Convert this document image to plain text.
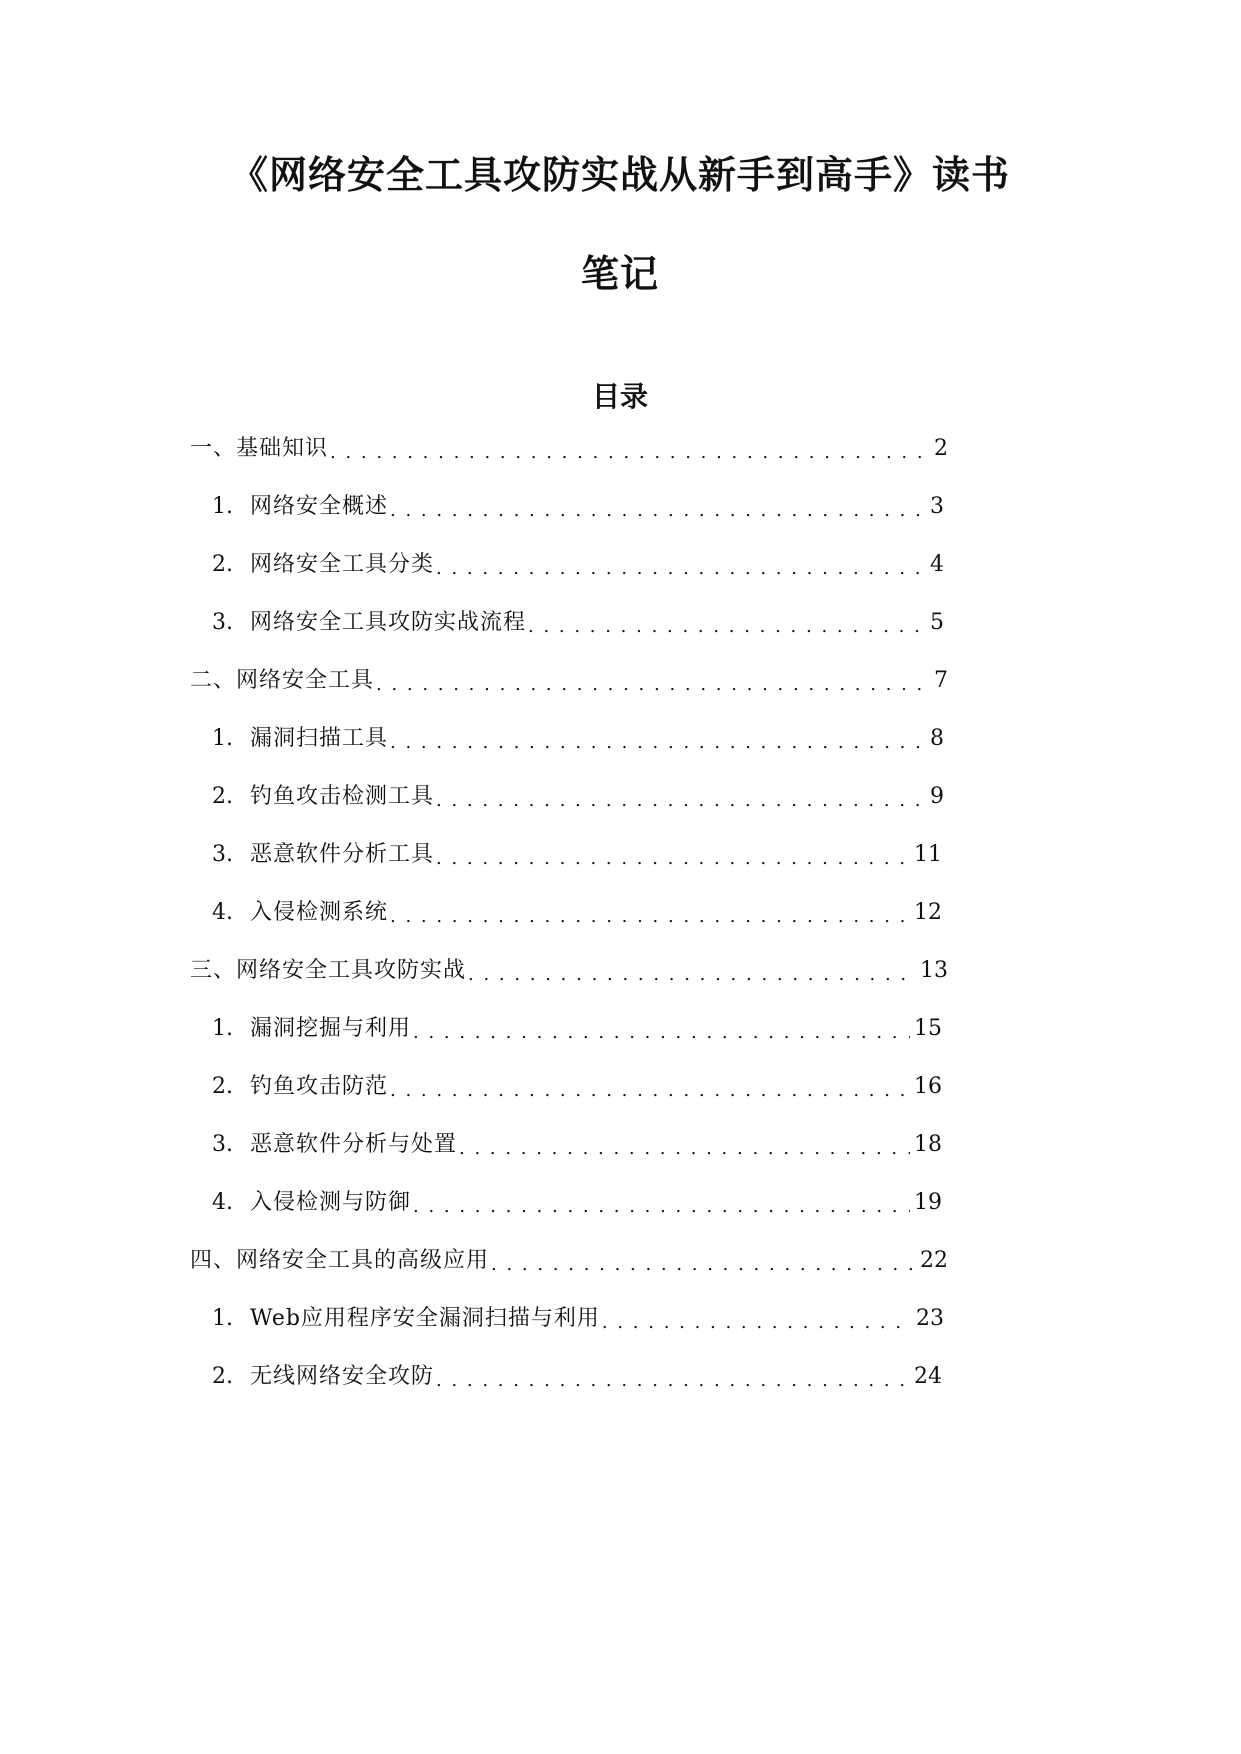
《网络安全工具攻防实战从新手到高手》读书
笔记
目录
一、基础知识 . . .	2
1. 网络安全概述 . . .	3
2. 网络安全工具分类 . . .	4
3. 网络安全工具攻防实战流程 . . .	5
二、网络安全工具 . . .	7
1. 漏洞扫描工具 . . .	8
2. 钓鱼攻击检测工具 . . .	9
3. 恶意软件分析工具 . . .	11
4. 入侵检测系统 . . .	12
三、网络安全工具攻防实战 . . .	13
1. 漏洞挖掘与利用 . . .	15
2. 钓鱼攻击防范 . . .	16
3. 恶意软件分析与处置 . . .	18
4. 入侵检测与防御 . . .	19
四、网络安全工具的高级应用 . . .	22
1. Web应用程序安全漏洞扫描与利用 . . .	23
2. 无线网络安全攻防 . . .	24
